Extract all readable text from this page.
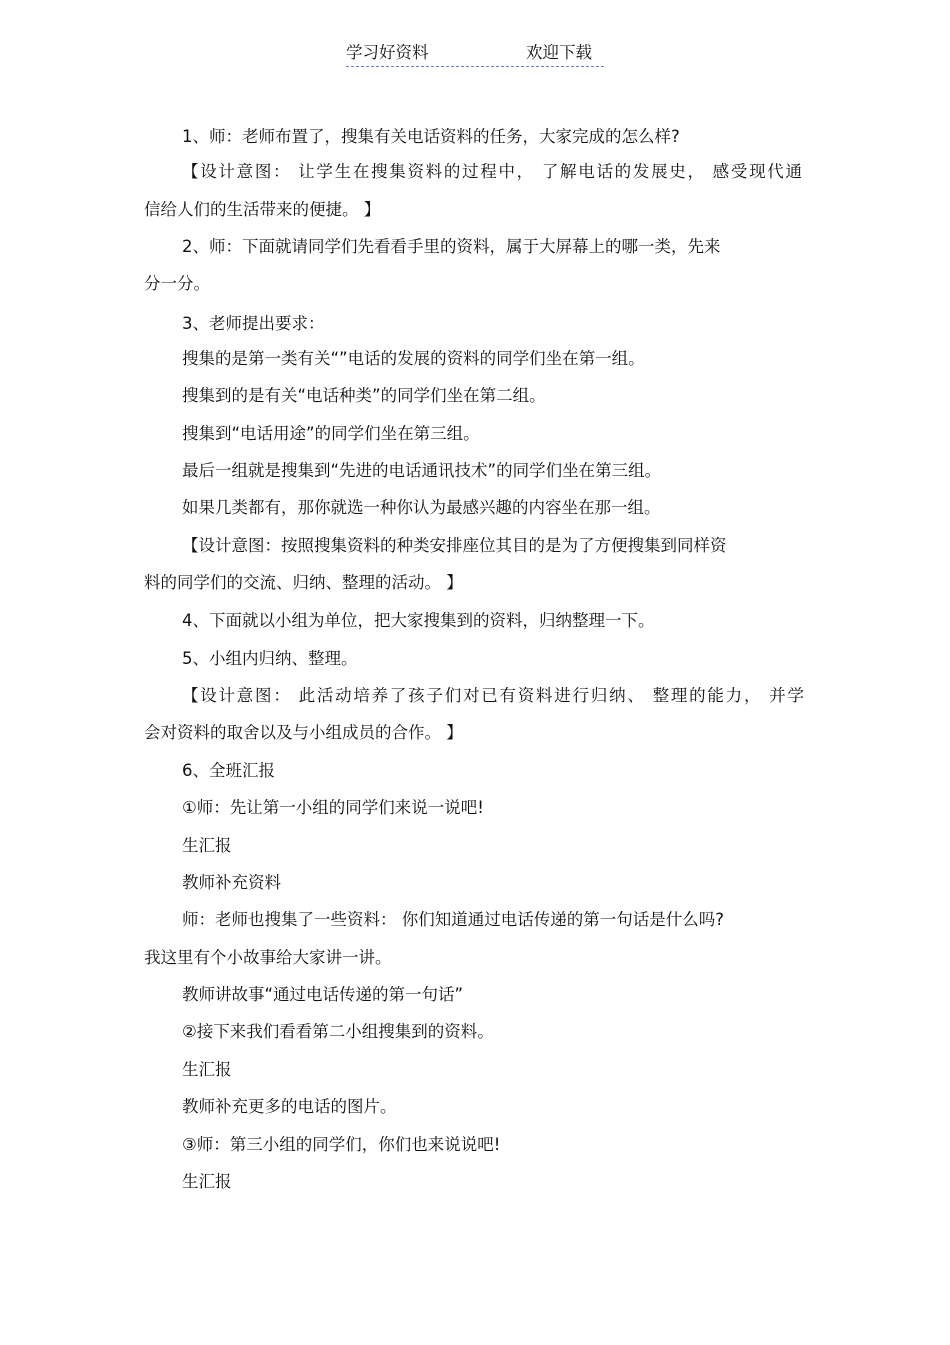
学习好资料	欢迎下载

1、师：老师布置了，搜集有关电话资料的任务，大家完成的怎么样?

【设计意图： 让学生在搜集资料的过程中， 了解电话的发展史， 感受现代通

信给人们的生活带来的便捷。 】

2、师：下面就请同学们先看看手里的资料，属于大屏幕上的哪一类，先来

分一分。

3、老师提出要求：

搜集的是第一类有关“”电话的发展的资料的同学们坐在第一组。

搜集到的是有关“电话种类”的同学们坐在第二组。

搜集到“电话用途”的同学们坐在第三组。

最后一组就是搜集到“先进的电话通讯技术”的同学们坐在第三组。

如果几类都有，那你就选一种你认为最感兴趣的内容坐在那一组。

【设计意图：按照搜集资料的种类安排座位其目的是为了方便搜集到同样资

料的同学们的交流、归纳、整理的活动。 】

4、下面就以小组为单位，把大家搜集到的资料，归纳整理一下。

5、小组内归纳、整理。

【设计意图： 此活动培养了孩子们对已有资料进行归纳、 整理的能力， 并学

会对资料的取舍以及与小组成员的合作。 】

6、全班汇报

①师：先让第一小组的同学们来说一说吧!

生汇报

教师补充资料

师：老师也搜集了一些资料： 你们知道通过电话传递的第一句话是什么吗?

我这里有个小故事给大家讲一讲。

教师讲故事“通过电话传递的第一句话”

②接下来我们看看第二小组搜集到的资料。

生汇报

教师补充更多的电话的图片。

③师：第三小组的同学们，你们也来说说吧!

生汇报
